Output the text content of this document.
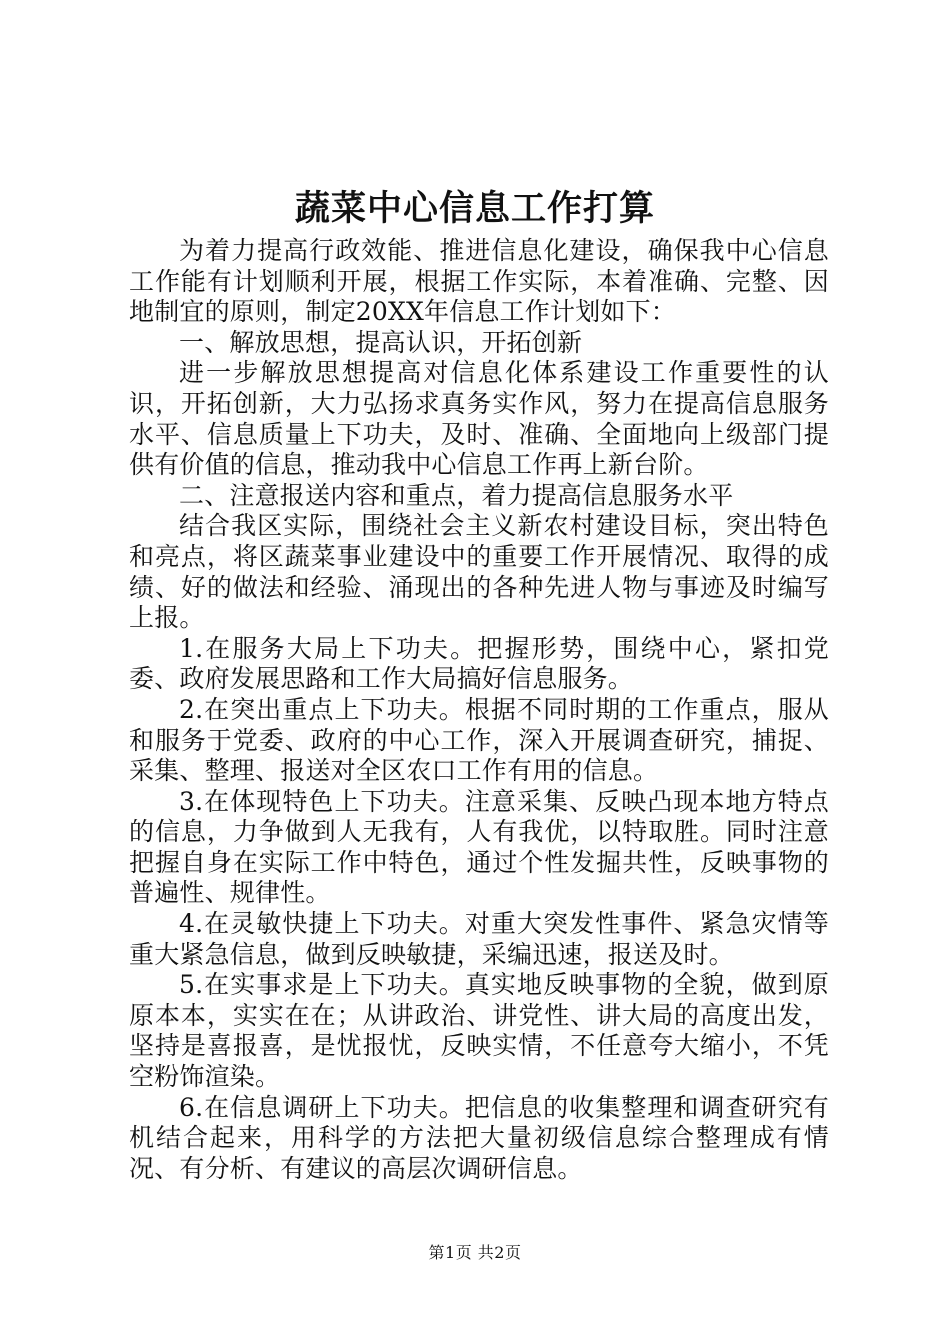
蔬菜中心信息工作打算

为着力提高行政效能、推进信息化建设，确保我中心信息工作能有计划顺利开展，根据工作实际，本着准确、完整、因地制宜的原则，制定20XX年信息工作计划如下：

一、解放思想，提高认识，开拓创新

进一步解放思想提高对信息化体系建设工作重要性的认识，开拓创新，大力弘扬求真务实作风，努力在提高信息服务水平、信息质量上下功夫，及时、准确、全面地向上级部门提供有价值的信息，推动我中心信息工作再上新台阶。

二、注意报送内容和重点，着力提高信息服务水平

结合我区实际，围绕社会主义新农村建设目标，突出特色和亮点，将区蔬菜事业建设中的重要工作开展情况、取得的成绩、好的做法和经验、涌现出的各种先进人物与事迹及时编写上报。

1.在服务大局上下功夫。把握形势，围绕中心，紧扣党委、政府发展思路和工作大局搞好信息服务。

2.在突出重点上下功夫。根据不同时期的工作重点，服从和服务于党委、政府的中心工作，深入开展调查研究，捕捉、采集、整理、报送对全区农口工作有用的信息。

3.在体现特色上下功夫。注意采集、反映凸现本地方特点的信息，力争做到人无我有，人有我优，以特取胜。同时注意把握自身在实际工作中特色，通过个性发掘共性，反映事物的普遍性、规律性。

4.在灵敏快捷上下功夫。对重大突发性事件、紧急灾情等重大紧急信息，做到反映敏捷，采编迅速，报送及时。

5.在实事求是上下功夫。真实地反映事物的全貌，做到原原本本，实实在在；从讲政治、讲党性、讲大局的高度出发，坚持是喜报喜，是忧报忧，反映实情，不任意夸大缩小，不凭空粉饰渲染。

6.在信息调研上下功夫。把信息的收集整理和调查研究有机结合起来，用科学的方法把大量初级信息综合整理成有情况、有分析、有建议的高层次调研信息。

第1页 共2页
